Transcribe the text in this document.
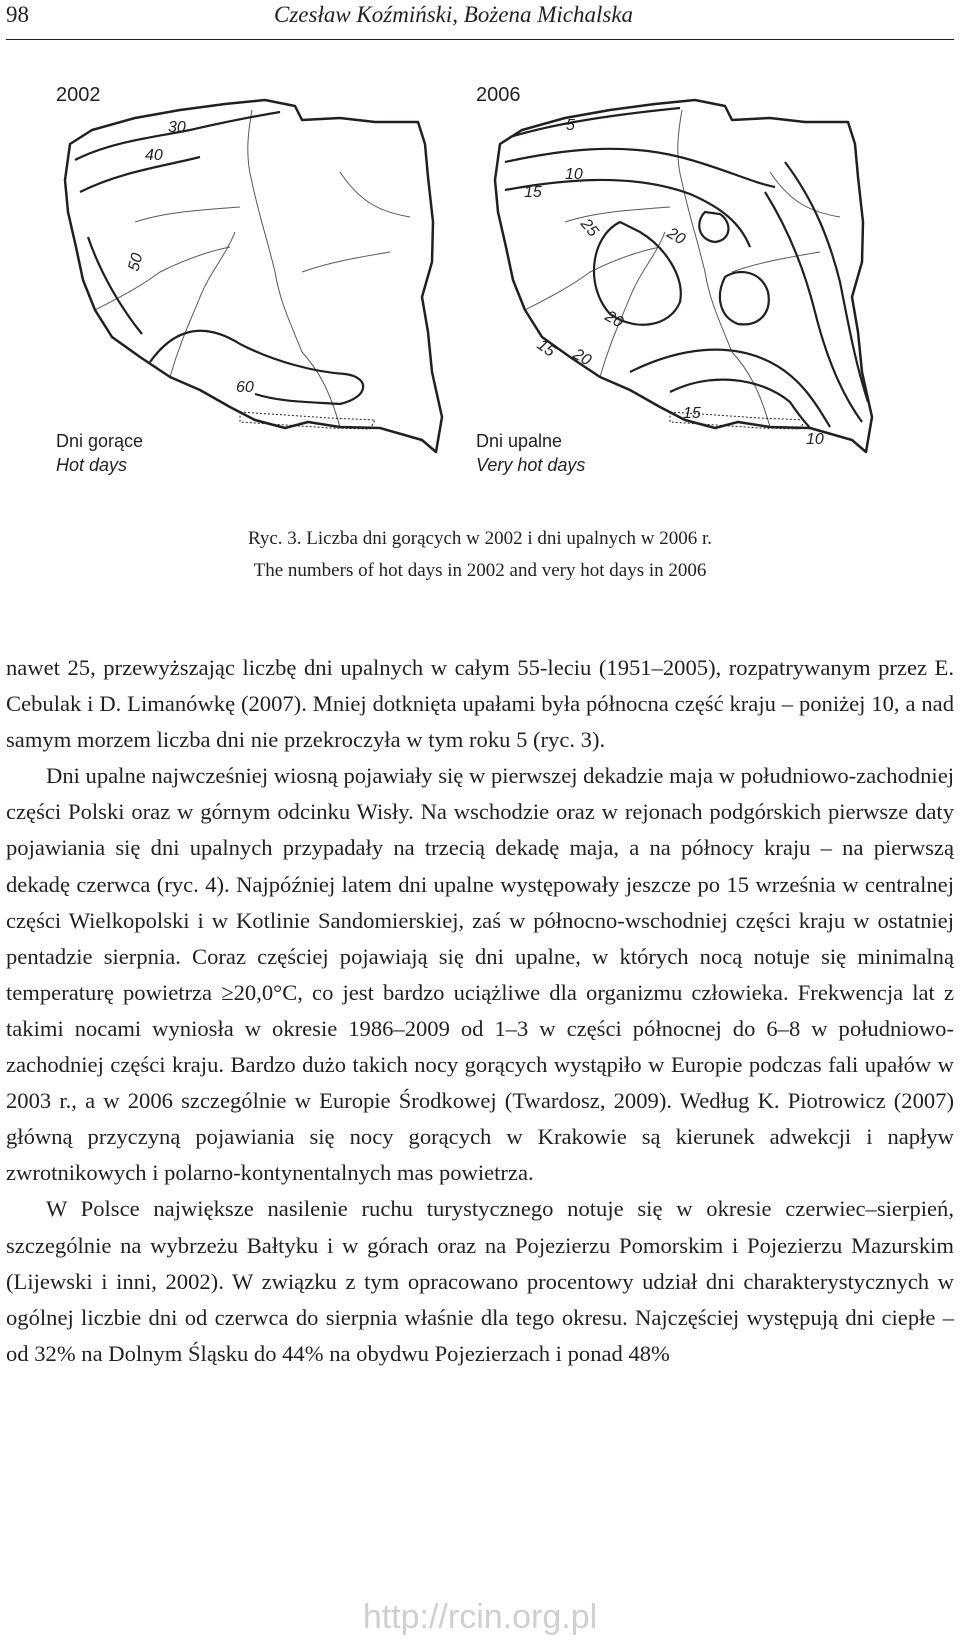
98	Czesław Koźmiński, Bożena Michalska
30
40
50
60
5
10
15
25	20
20
15 20
15
10
2002
Dni gorące
Hot days
2006
Dni upalne
Very hot days
Ryc. 3. Liczba dni gorących w 2002 i dni upalnych w 2006 r.
The numbers of hot days in 2002 and very hot days in 2006

nawet 25, przewyższając liczbę dni upalnych w całym 55-leciu (1951–2005), rozpatrywanym przez E. Cebulak i D. Limanówkę (2007). Mniej dotknięta upałami była północna część kraju – poniżej 10, a nad samym morzem liczba dni nie przekroczyła w tym roku 5 (ryc. 3).

Dni upalne najwcześniej wiosną pojawiały się w pierwszej dekadzie maja w południowo-zachodniej części Polski oraz w górnym odcinku Wisły. Na wschodzie oraz w rejonach podgórskich pierwsze daty pojawiania się dni upalnych przypadały na trzecią dekadę maja, a na północy kraju – na pierwszą dekadę czerwca (ryc. 4). Najpóźniej latem dni upalne występowały jeszcze po 15 września w centralnej części Wielkopolski i w Kotlinie Sandomierskiej, zaś w północno-wschodniej części kraju w ostatniej pentadzie sierpnia. Coraz częściej pojawiają się dni upalne, w których nocą notuje się minimalną temperaturę powietrza ≥20,0°C, co jest bardzo uciążliwe dla organizmu człowieka. Frekwencja lat z takimi nocami wyniosła w okresie 1986–2009 od 1–3 w części północnej do 6–8 w południowo-zachodniej części kraju. Bardzo dużo takich nocy gorących wystąpiło w Europie podczas fali upałów w 2003 r., a w 2006 szczególnie w Europie Środkowej (Twardosz, 2009). Według K. Piotrowicz (2007) główną przyczyną pojawiania się nocy gorących w Krakowie są kierunek adwekcji i napływ zwrotnikowych i polarno-kontynentalnych mas powietrza.

W Polsce największe nasilenie ruchu turystycznego notuje się w okresie czerwiec–sierpień, szczególnie na wybrzeżu Bałtyku i w górach oraz na Pojezierzu Pomorskim i Pojezierzu Mazurskim (Lijewski i inni, 2002). W związku z tym opracowano procentowy udział dni charakterystycznych w ogólnej liczbie dni od czerwca do sierpnia właśnie dla tego okresu. Najczęściej występują dni ciepłe – od 32% na Dolnym Śląsku do 44% na obydwu Pojezierzach i ponad 48%

http://rcin.org.pl
